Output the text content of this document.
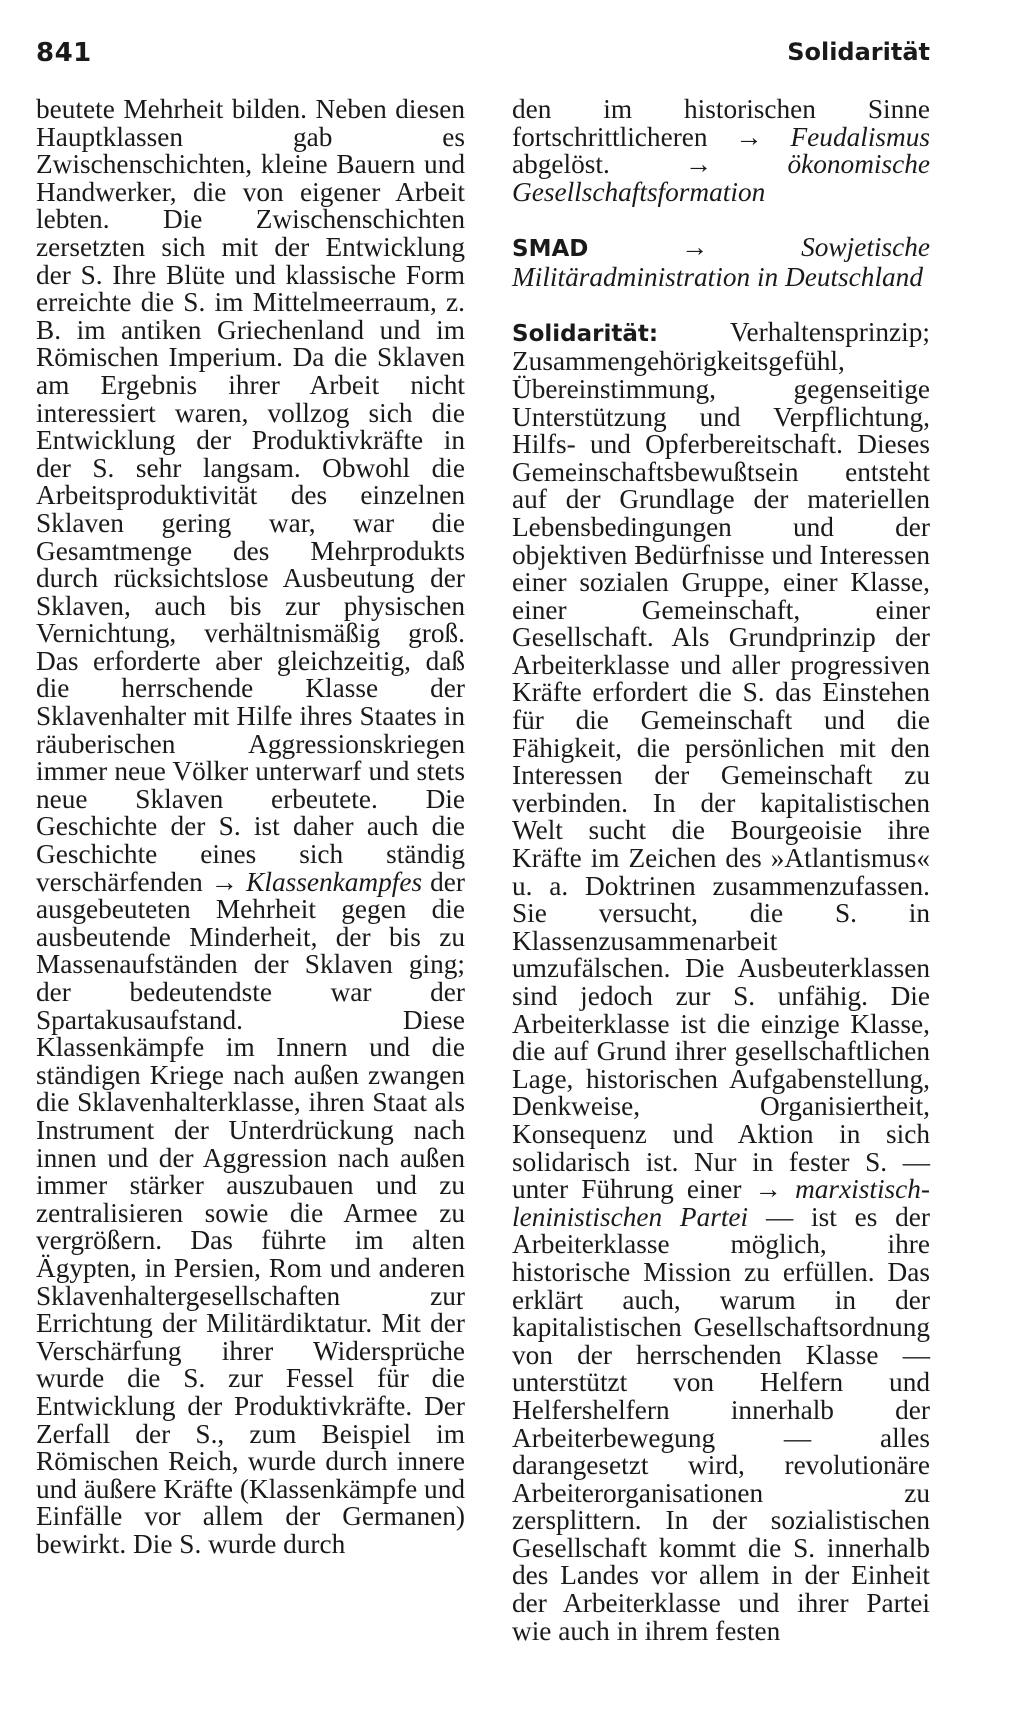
841	Solidarität

beutete Mehrheit bilden. Neben diesen Hauptklassen gab es Zwischenschichten, kleine Bauern und Handwerker, die von eigener Arbeit lebten. Die Zwischenschichten zersetzten sich mit der Entwicklung der S. Ihre Blüte und klassische Form erreichte die S. im Mittelmeerraum, z. B. im antiken Griechenland und im Römischen Imperium. Da die Sklaven am Ergebnis ihrer Arbeit nicht interessiert waren, vollzog sich die Entwicklung der Produktivkräfte in der S. sehr langsam. Obwohl die Arbeitsproduktivität des einzelnen Sklaven gering war, war die Gesamtmenge des Mehrprodukts durch rücksichtslose Ausbeutung der Sklaven, auch bis zur physischen Vernichtung, verhältnismäßig groß. Das erforderte aber gleichzeitig, daß die herrschende Klasse der Sklavenhalter mit Hilfe ihres Staates in räuberischen Aggressionskriegen immer neue Völker unterwarf und stets neue Sklaven erbeutete. Die Geschichte der S. ist daher auch die Geschichte eines sich ständig verschärfenden → Klassenkampfes der ausgebeuteten Mehrheit gegen die ausbeutende Minderheit, der bis zu Massenaufständen der Sklaven ging; der bedeutendste war der Spartakusaufstand. Diese Klassenkämpfe im Innern und die ständigen Kriege nach außen zwangen die Sklavenhalterklasse, ihren Staat als Instrument der Unterdrückung nach innen und der Aggression nach außen immer stärker auszubauen und zu zentralisieren sowie die Armee zu vergrößern. Das führte im alten Ägypten, in Persien, Rom und anderen Sklavenhaltergesellschaften zur Errichtung der Militärdiktatur. Mit der Verschärfung ihrer Widersprüche wurde die S. zur Fessel für die Entwicklung der Produktivkräfte. Der Zerfall der S., zum Beispiel im Römischen Reich, wurde durch innere und äußere Kräfte (Klassenkämpfe und Einfälle vor allem der Germanen) bewirkt. Die S. wurde durch

den im historischen Sinne fortschrittlicheren → Feudalismus abgelöst.	→	ökonomische Gesellschaftsformation

SMAD	→	Sowjetische Militäradministration in Deutschland

Solidarität:	Verhaltensprinzip; Zusammengehörigkeitsgefühl, Übereinstimmung, gegenseitige Unterstützung und Verpflichtung, Hilfs- und Opferbereitschaft. Dieses Gemeinschaftsbewußtsein entsteht auf der Grundlage der materiellen Lebensbedingungen und der objektiven Bedürfnisse und Interessen einer sozialen Gruppe, einer Klasse, einer Gemeinschaft, einer Gesellschaft. Als Grundprinzip der Arbeiterklasse und aller progressiven Kräfte erfordert die S. das Einstehen für die Gemeinschaft und die Fähigkeit, die persönlichen mit den Interessen der Gemeinschaft zu verbinden. In der kapitalistischen Welt sucht die Bourgeoisie ihre Kräfte im Zeichen des »Atlantismus« u. a. Doktrinen zusammenzufassen. Sie versucht, die S. in Klassenzusammenarbeit umzufälschen. Die Ausbeuterklassen sind jedoch zur S. unfähig. Die Arbeiterklasse ist die einzige Klasse, die auf Grund ihrer gesellschaftlichen Lage, historischen Aufgabenstellung, Denkweise, Organisiertheit, Konsequenz und Aktion in sich solidarisch ist. Nur in fester S. — unter Führung einer → marxistisch-leninistischen Partei — ist es der Arbeiterklasse möglich, ihre historische Mission zu erfüllen. Das erklärt auch, warum in der kapitalistischen Gesellschaftsordnung von der herrschenden Klasse — unterstützt von Helfern und Helfershelfern innerhalb der Arbeiterbewegung — alles darangesetzt wird, revolutionäre Arbeiterorganisationen zu zersplittern. In der sozialistischen Gesellschaft kommt die S. innerhalb des Landes vor allem in der Einheit der Arbeiterklasse und ihrer Partei wie auch in ihrem festen
